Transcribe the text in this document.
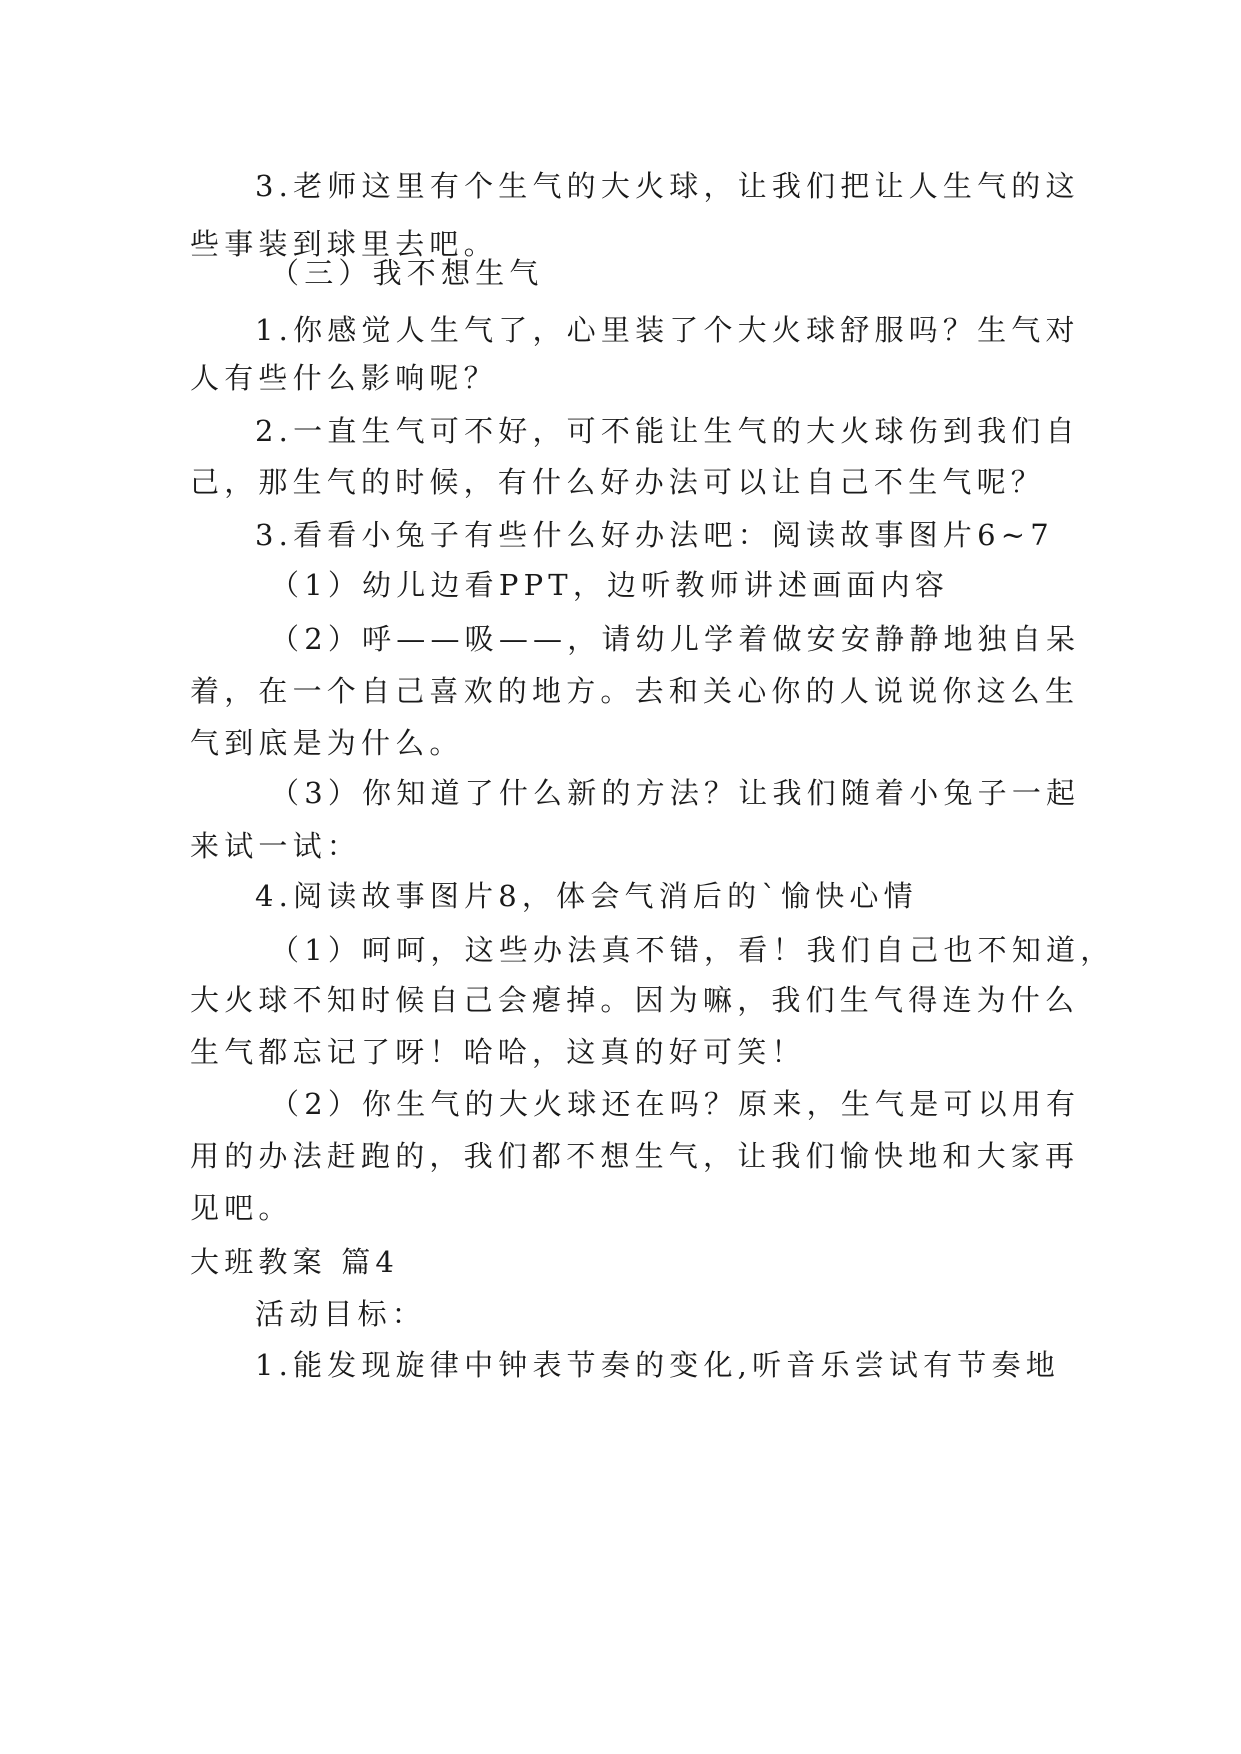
3.老师这里有个生气的大火球，让我们把让人生气的这
些事装到球里去吧。
（三）我不想生气
1.你感觉人生气了，心里装了个大火球舒服吗？生气对
人有些什么影响呢？
2.一直生气可不好，可不能让生气的大火球伤到我们自
己，那生气的时候，有什么好办法可以让自己不生气呢？
3.看看小兔子有些什么好办法吧：阅读故事图片6~7
（1）幼儿边看PPT，边听教师讲述画面内容
（2）呼——吸——，请幼儿学着做安安静静地独自呆
着，在一个自己喜欢的地方。去和关心你的人说说你这么生
气到底是为什么。
（3）你知道了什么新的方法？让我们随着小兔子一起
来试一试：
4.阅读故事图片8，体会气消后的`愉快心情
（1）呵呵，这些办法真不错，看！我们自己也不知道，
大火球不知时候自己会瘪掉。因为嘛，我们生气得连为什么
生气都忘记了呀！哈哈，这真的好可笑！
（2）你生气的大火球还在吗？原来，生气是可以用有
用的办法赶跑的，我们都不想生气，让我们愉快地和大家再
见吧。
大班教案 篇4
活动目标：
1.能发现旋律中钟表节奏的变化,听音乐尝试有节奏地
